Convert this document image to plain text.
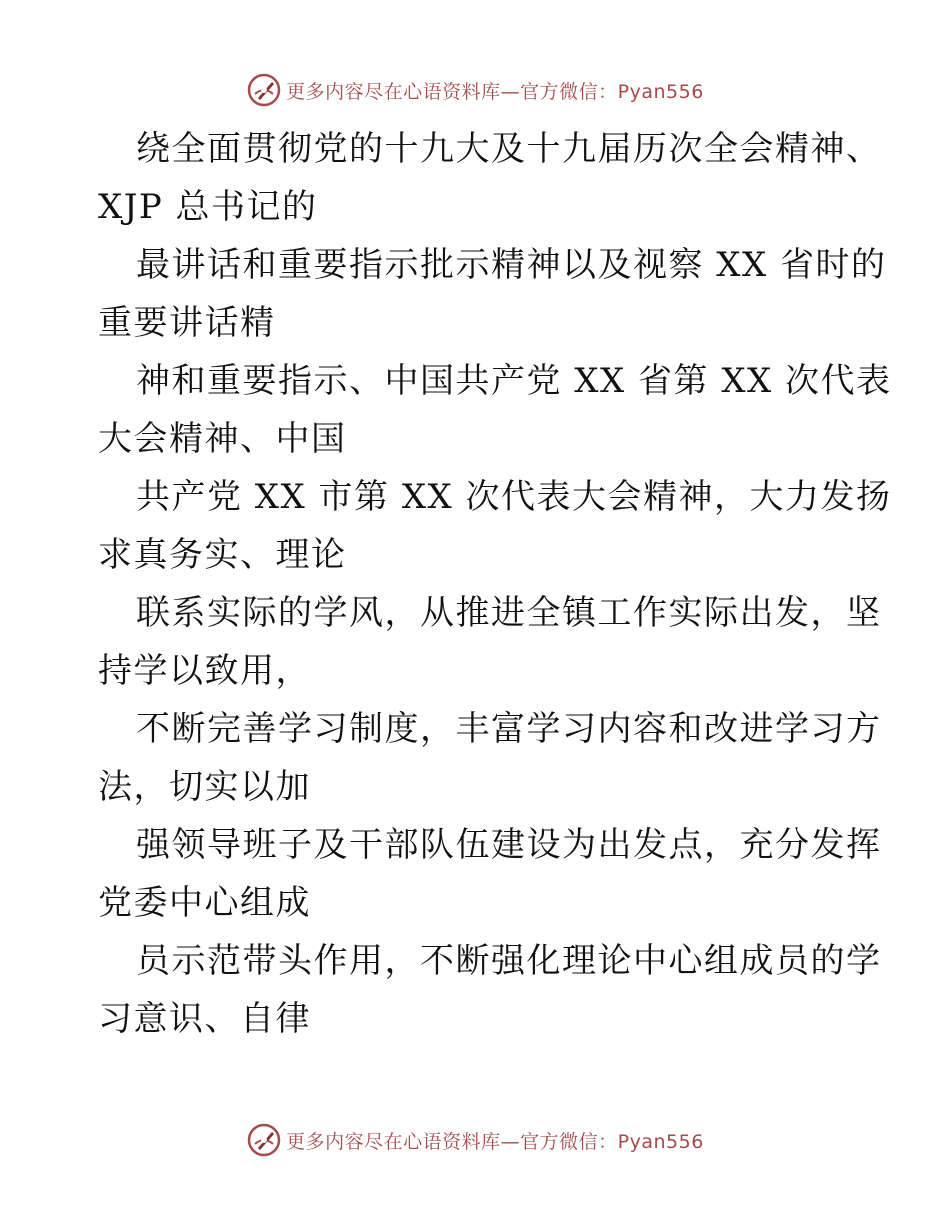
更多内容尽在心语资料库—官方微信：Pyan556

绕全面贯彻党的十九大及十九届历次全会精神、
XJP 总书记的

最讲话和重要指示批示精神以及视察 XX 省时的
重要讲话精

神和重要指示、中国共产党 XX 省第 XX 次代表
大会精神、中国

共产党 XX 市第 XX 次代表大会精神，大力发扬
求真务实、理论

联系实际的学风，从推进全镇工作实际出发，坚
持学以致用，

不断完善学习制度，丰富学习内容和改进学习方
法，切实以加

强领导班子及干部队伍建设为出发点，充分发挥
党委中心组成

员示范带头作用，不断强化理论中心组成员的学
习意识、自律

更多内容尽在心语资料库—官方微信：Pyan556
